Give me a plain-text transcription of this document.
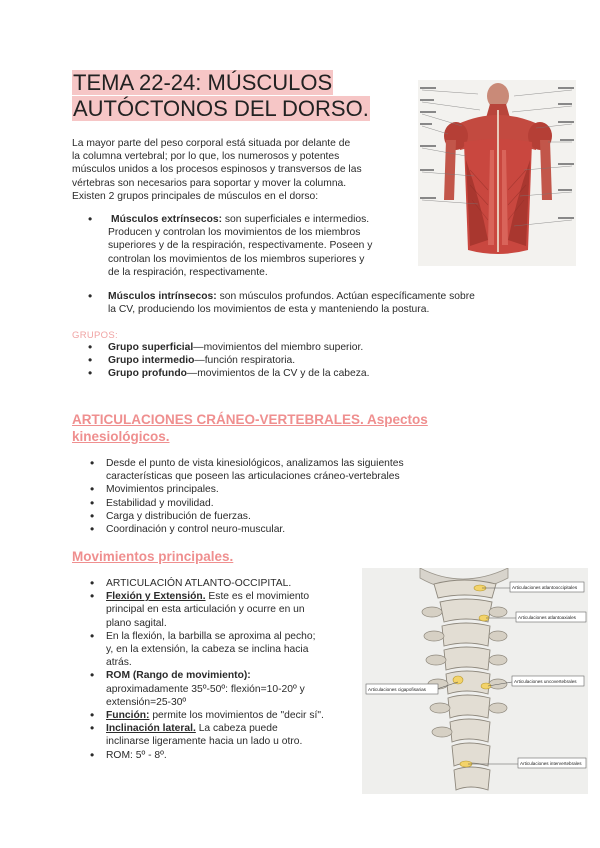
TEMA 22-24: MÚSCULOS
AUTÓCTONOS DEL DORSO.
La mayor parte del peso corporal está situada por delante de
la columna vertebral; por lo que, los numerosos y potentes
músculos unidos a los procesos espinosos y transversos de las
vértebras son necesarios para soportar y mover la columna.
Existen 2 grupos principales de músculos en el dorso:
• Músculos extrínsecos: son superficiales e intermedios.
Producen y controlan los movimientos de los miembros
superiores y de la respiración, respectivamente. Poseen y
controlan los movimientos de los miembros superiores y
de la respiración, respectivamente.
• Músculos intrínsecos: son músculos profundos. Actúan específicamente sobre
la CV, produciendo los movimientos de esta y manteniendo la postura.

GRUPOS:

• Grupo superficial—movimientos del miembro superior.
• Grupo intermedio—función respiratoria.
• Grupo profundo—movimientos de la CV y de la cabeza.
ARTICULACIONES CRÁNEO-VERTEBRALES. Aspectos
kinesiológicos.
• Desde el punto de vista kinesiológicos, analizamos las siguientes
características que poseen las articulaciones cráneo-vertebrales
• Movimientos principales.
• Estabilidad y movilidad.
• Carga y distribución de fuerzas.
• Coordinación y control neuro-muscular.
Movimientos principales.
• ARTICULACIÓN ATLANTO-OCCIPITAL.
• Flexión y Extensión. Este es el movimiento
principal en esta articulación y ocurre en un
plano sagital.
• En la flexión, la barbilla se aproxima al pecho;
y, en la extensión, la cabeza se inclina hacia
atrás.
• ROM (Rango de movimiento):
aproximadamente 35º-50º: flexión=10-20º y
extensión=25-30º
• Función: permite los movimientos de "decir sí".
• Inclinación lateral. La cabeza puede
inclinarse ligeramente hacia un lado u otro.
• ROM: 5º - 8º.
Articulaciones atlantooccipitales
Articulaciones atlantoaxiales
Articulaciones uncovertebrales
Articulaciones cigapofisarias
Articulaciones intervertebrales
